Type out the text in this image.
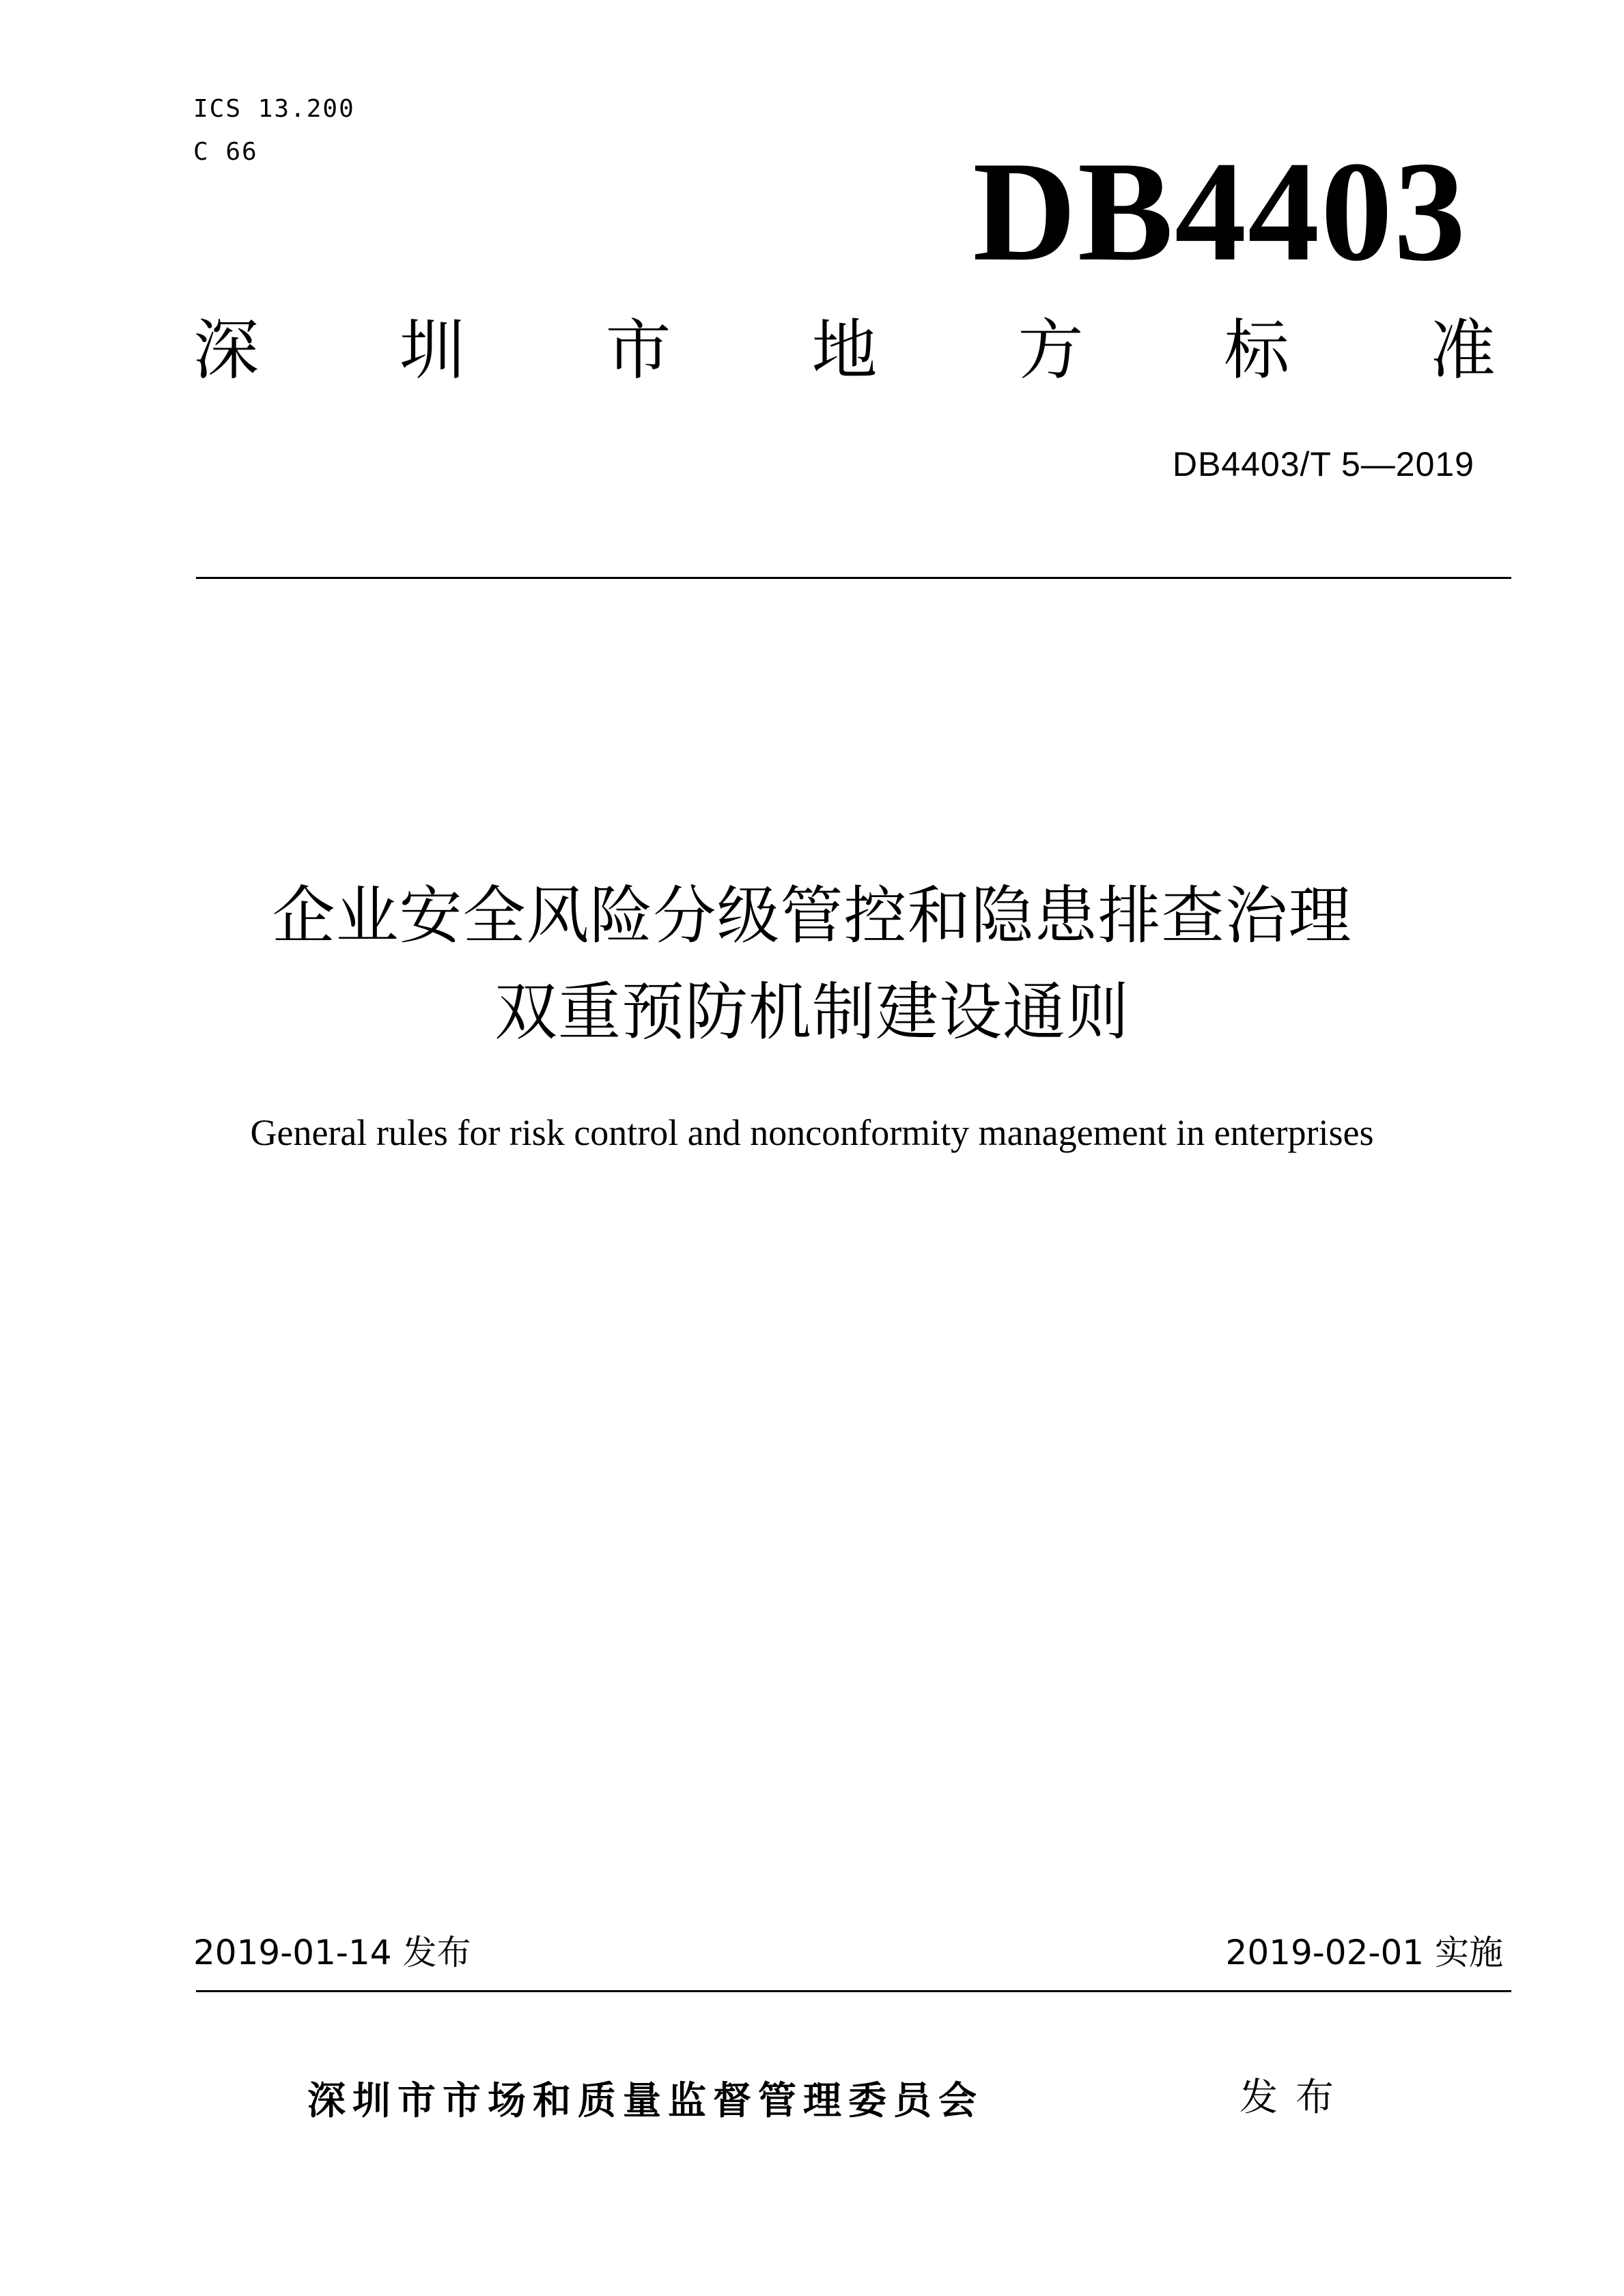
ICS 13.200
C 66	DB4403
深 圳 市 地 方 标 准
DB4403/T 5—2019
企业安全风险分级管控和隐患排查治理
双重预防机制建设通则
General rules for risk control and nonconformity management in enterprises
2019-01-14 发布	2019-02-01 实施
深圳市市场和质量监督管理委员会	发布
